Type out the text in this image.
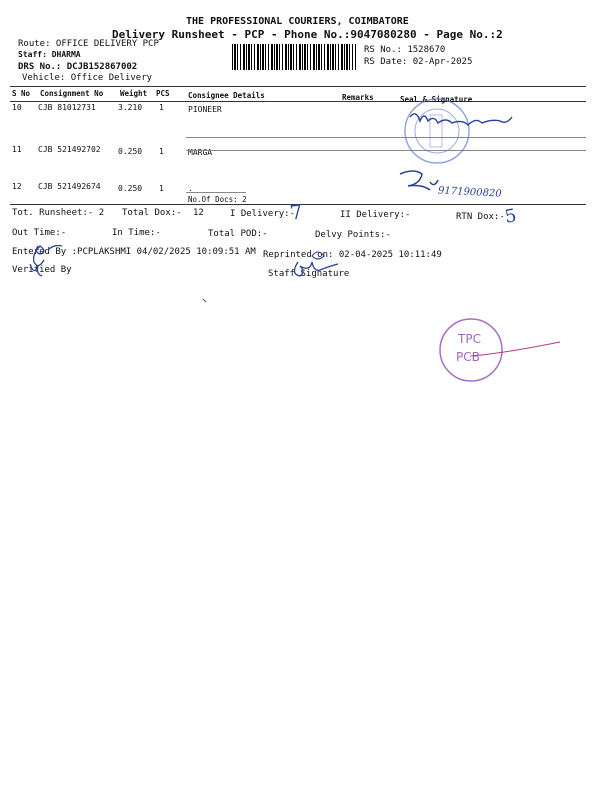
THE PROFESSIONAL COURIERS, COIMBATORE
Delivery Runsheet - PCP - Phone No.:9047080280 - Page No.:2
Route: OFFICE DELIVERY PCP
Staff: DHARMA
DRS No.: DCJB152867002
Vehicle: Office Delivery
RS No.: 1528670
RS Date: 02-Apr-2025
S No Consignment No Weight PCS Consignee Details	Remarks	Seal & Signature
10 CJB 81012731	3.210 1	PIONEER
11 CJB 521492702 0.250 1	MARGA
12 CJB 521492674 0.250 1	.
No.Of Docs: 2
Tot. Runsheet:- 2 Total Dox:- 12	I Delivery:-	II Delivery:-	RTN Dox:-
Out Time:-	In Time:-	Total POD:-	Delvy Points:-
Entered By :PCPLAKSHMI 04/02/2025 10:09:51 AM Reprinted on: 02-04-2025 10:11:49
Verified By	Staff Signature
7	5
9171900820
TPC
PCB
